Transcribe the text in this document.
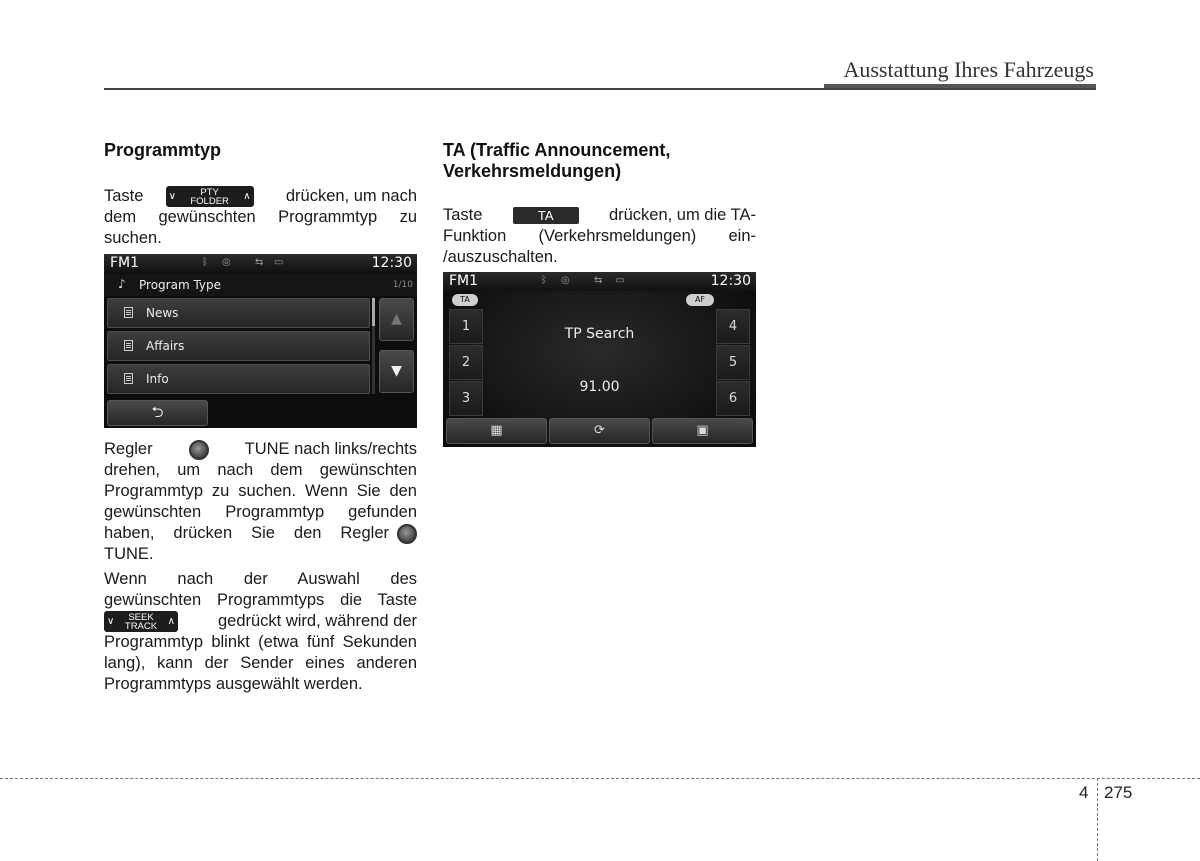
Ausstattung Ihres Fahrzeugs
Programmtyp
Taste	∨	PTY
FOLDER	∧ drücken, um nach
dem gewünschten Programmtyp zu
suchen.
FM1	ᛒ ◎ ⇆ ▭	12:30
♪ Program Type	1/10
News
Affairs
Info
▲
▼
⮌
Regler	TUNE nach links/rechts
drehen, um nach dem gewünschten
Programmtyp zu suchen. Wenn Sie den
gewünschten Programmtyp gefunden
haben, drücken Sie den Regler
TUNE.
Wenn nach der Auswahl des
gewünschten Programmtyps die Taste
∨	SEEK
TRACK	∧	gedrückt wird, während der
Programmtyp blinkt (etwa fünf Sekunden
lang), kann der Sender eines anderen
Programmtyps ausgewählt werden.
TA (Traffic Announcement,
Verkehrsmeldungen)
Taste	TA	drücken, um die TA-
Funktion (Verkehrsmeldungen) ein-
/auszuschalten.
FM1	ᛒ ◎ ⇆ ▭	12:30
TA	AF
1
2
3
4
5
6
TP Search
91.00
▦	⟳	▣
4 275
